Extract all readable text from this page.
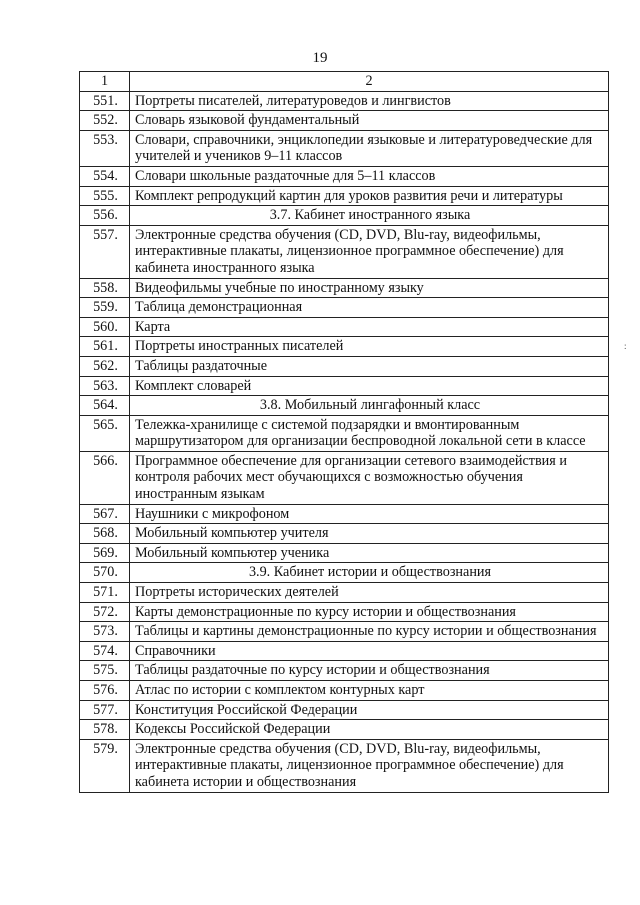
19
1	2
551.	Портреты писателей, литературоведов и лингвистов
552.	Словарь языковой фундаментальный
553.	Словари, справочники, энциклопедии языковые и литературоведческие для учителей и учеников 9–11 классов
554.	Словари школьные раздаточные для 5–11 классов
555.	Комплект репродукций картин для уроков развития речи и литературы
556.	3.7. Кабинет иностранного языка
557.	Электронные средства обучения (CD, DVD, Blu-ray, видеофильмы, интерактивные плакаты, лицензионное программное обеспечение) для кабинета иностранного языка
558.	Видеофильмы учебные по иностранному языку
559.	Таблица демонстрационная
560.	Карта
561.	Портреты иностранных писателей
562.	Таблицы раздаточные
563.	Комплект словарей
564.	3.8. Мобильный лингафонный класс
565.	Тележка-хранилище с системой подзарядки и вмонтированным маршрутизатором для организации беспроводной локальной сети в классе
566.	Программное обеспечение для организации сетевого взаимодействия и контроля рабочих мест обучающихся с возможностью обучения иностранным языкам
567.	Наушники с микрофоном
568.	Мобильный компьютер учителя
569.	Мобильный компьютер ученика
570.	3.9. Кабинет истории и обществознания
571.	Портреты исторических деятелей
572.	Карты демонстрационные по курсу истории и обществознания
573.	Таблицы и картины демонстрационные по курсу истории и обществознания
574.	Справочники
575.	Таблицы раздаточные по курсу истории и обществознания
576.	Атлас по истории с комплектом контурных карт
577.	Конституция Российской Федерации
578.	Кодексы Российской Федерации
579.	Электронные средства обучения (CD, DVD, Blu-ray, видеофильмы, интерактивные плакаты, лицензионное программное обеспечение) для кабинета истории и обществознания
:
